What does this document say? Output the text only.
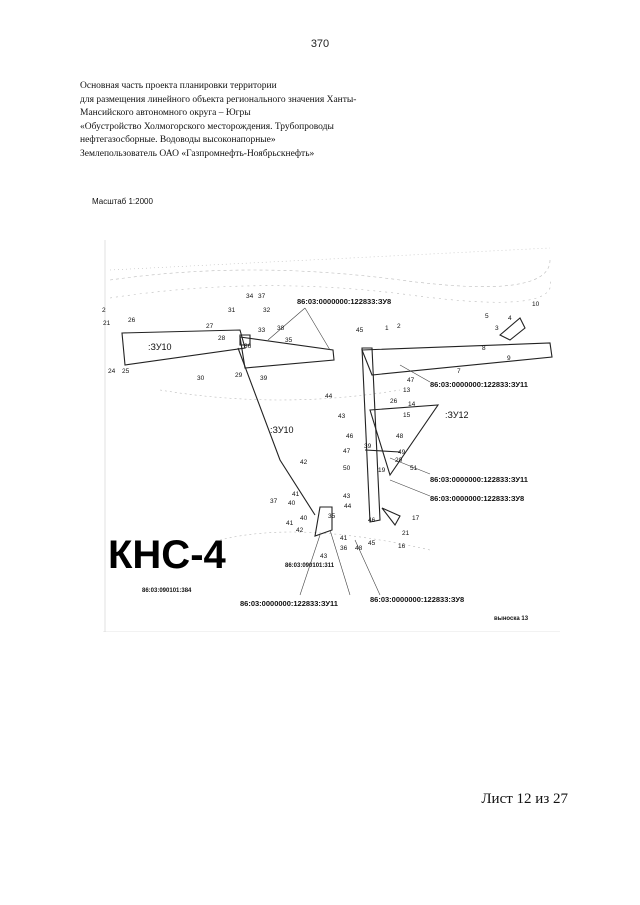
370
Основная часть проекта планировки территории
для размещения линейного объекта регионального значения Ханты-
Мансийского автономного округа – Югры
«Обустройство Холмогорского месторождения. Трубопроводы
нефтегазосборные. Водоводы высоконапорные»
Землепользователь ОАО «Газпромнефть-Ноябрьскнефть»
Масштаб 1:2000
2
21	26
27
28
31
34
33
37
32
38
36
35
39
24 25
30	29
45	1 2	3
4
5
10
8
7
9
13
47
44
26 14
15
43
46
47
39
50	51
49
20
48
19
17
16
21
43
46
42
41
40
36
37
35
42
41
40
41
43
44
45
48
:ЗУ10
:ЗУ10
:ЗУ12
86:03:0000000:122833:ЗУ8
86:03:0000000:122833:ЗУ11
86:03:0000000:122833:ЗУ11
86:03:0000000:122833:ЗУ8
86:03:0000000:122833:ЗУ11	86:03:0000000:122833:ЗУ8
86:03:090101:311
86:03:090101:384
КНС-4
выноска 13
Лист 12 из 27
